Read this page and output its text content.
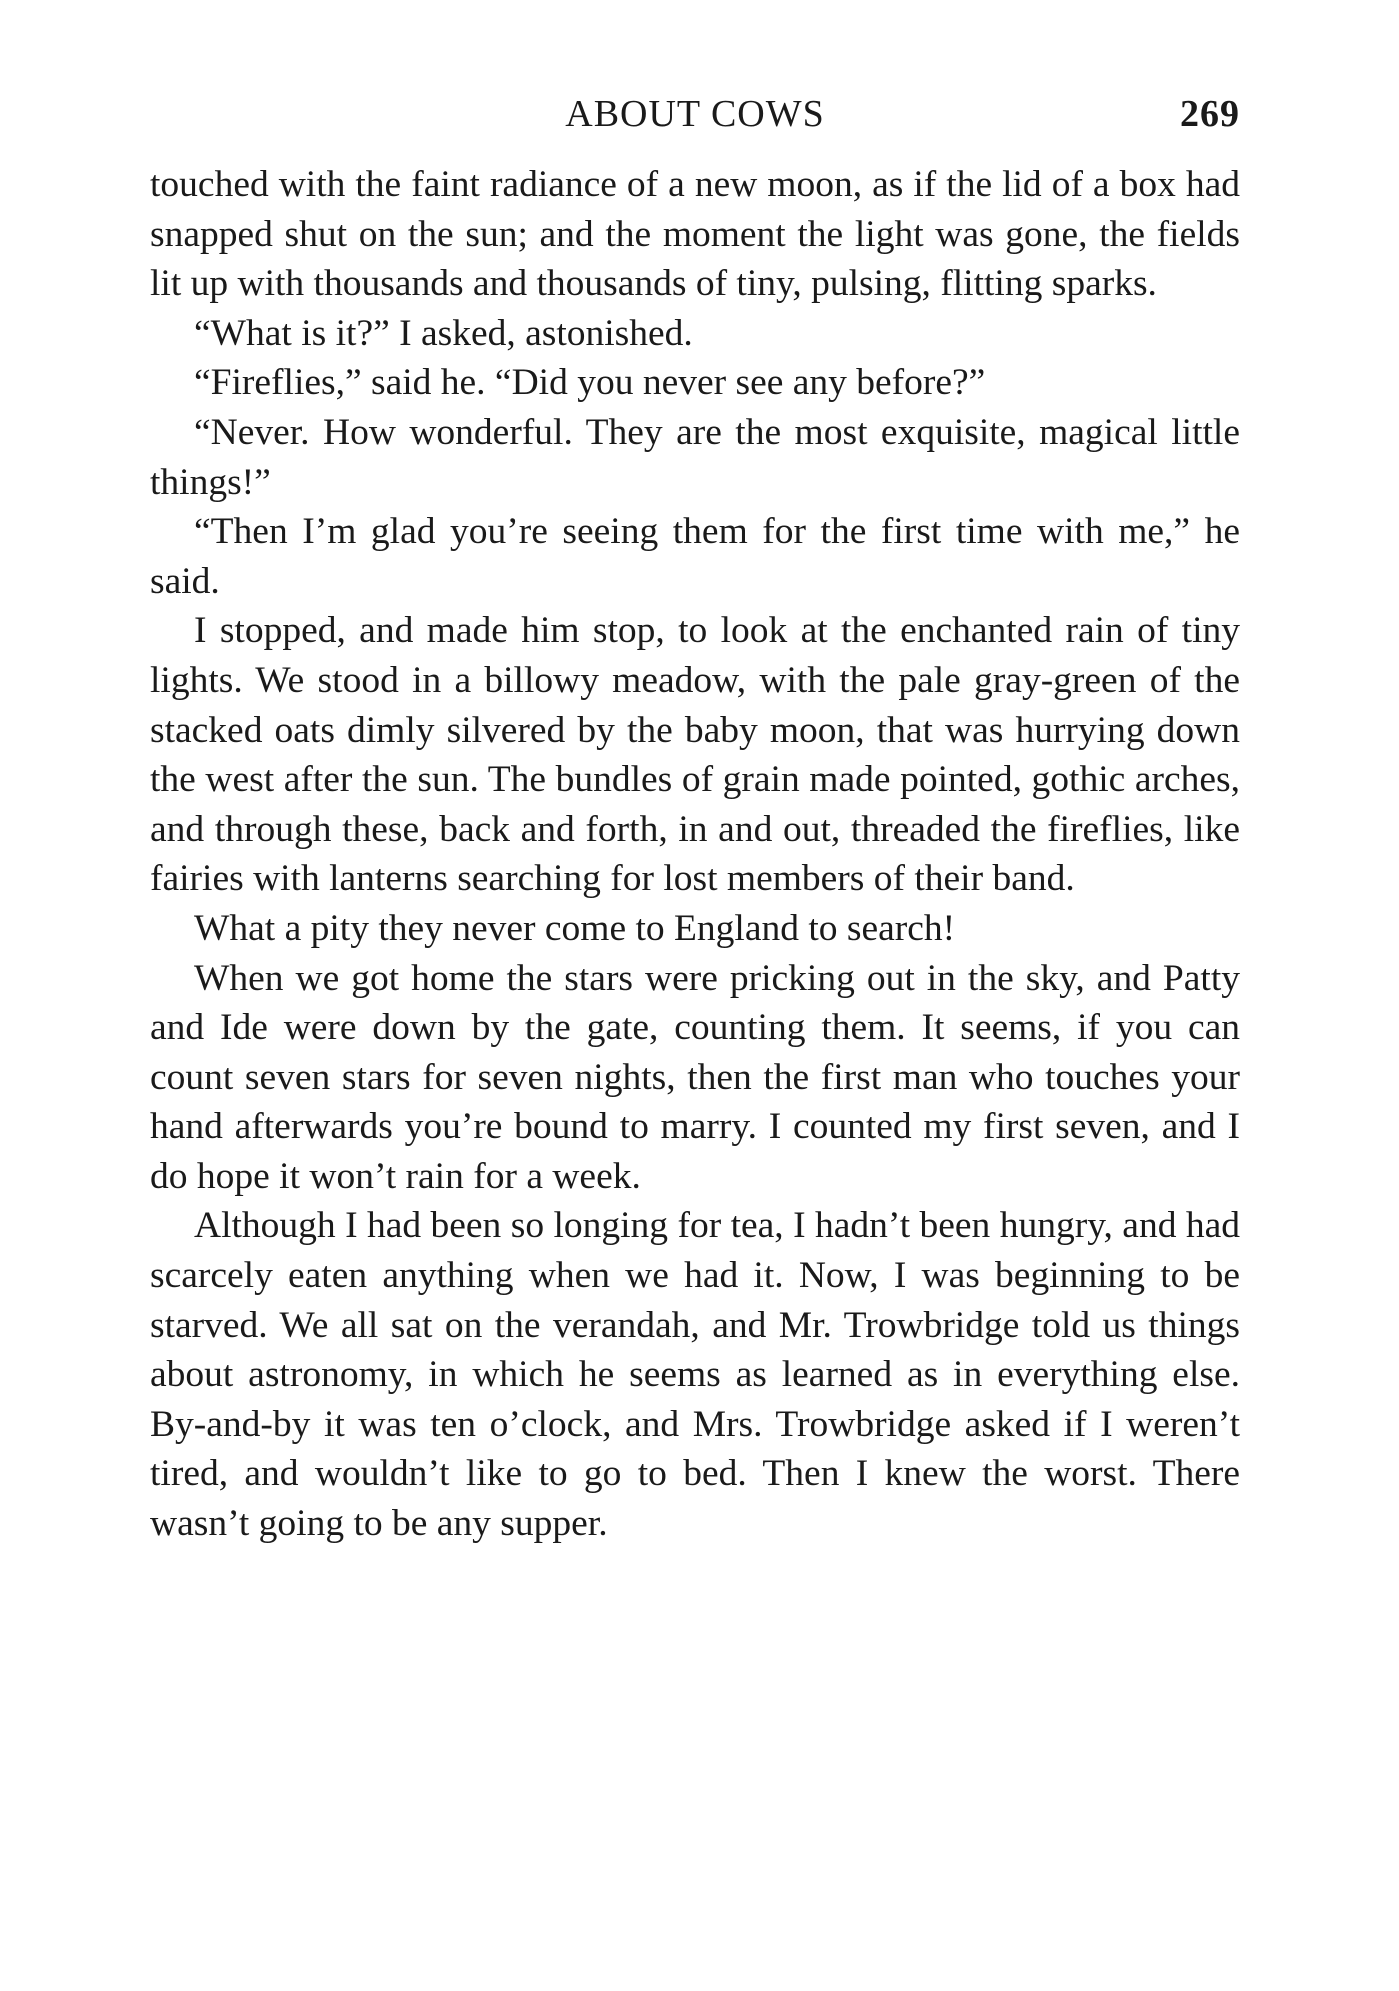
ABOUT COWS	269

touched with the faint radiance of a new moon, as if the lid of a box had snapped shut on the sun; and the moment the light was gone, the fields lit up with thousands and thousands of tiny, pulsing, flitting sparks.

“What is it?” I asked, astonished.

“Fireflies,” said he. “Did you never see any before?”

“Never. How wonderful. They are the most exquisite, magical little things!”

“Then I’m glad you’re seeing them for the first time with me,” he said.

I stopped, and made him stop, to look at the enchanted rain of tiny lights. We stood in a billowy meadow, with the pale gray-green of the stacked oats dimly silvered by the baby moon, that was hurrying down the west after the sun. The bundles of grain made pointed, gothic arches, and through these, back and forth, in and out, threaded the fireflies, like fairies with lanterns searching for lost members of their band.

What a pity they never come to England to search!

When we got home the stars were pricking out in the sky, and Patty and Ide were down by the gate, counting them. It seems, if you can count seven stars for seven nights, then the first man who touches your hand afterwards you’re bound to marry. I counted my first seven, and I do hope it won’t rain for a week.

Although I had been so longing for tea, I hadn’t been hungry, and had scarcely eaten anything when we had it. Now, I was beginning to be starved. We all sat on the verandah, and Mr. Trowbridge told us things about astronomy, in which he seems as learned as in everything else. By-and-by it was ten o’clock, and Mrs. Trowbridge asked if I weren’t tired, and wouldn’t like to go to bed. Then I knew the worst. There wasn’t going to be any supper.
